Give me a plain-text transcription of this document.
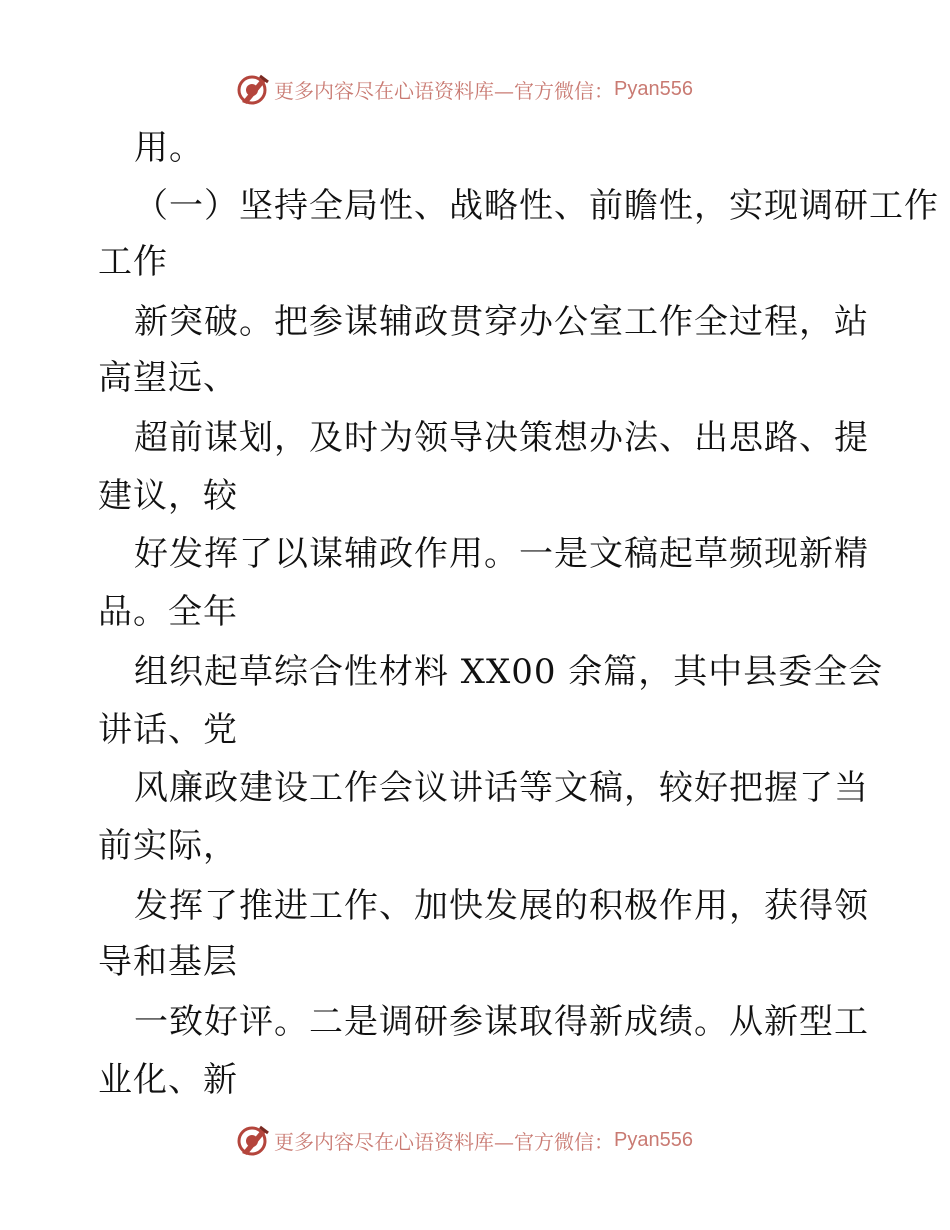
更多内容尽在心语资料库—官方微信： Pyan556
用。
（一）坚持全局性、战略性、前瞻性，实现调研工作
工作
新突破。把参谋辅政贯穿办公室工作全过程，站
高望远、
超前谋划，及时为领导决策想办法、出思路、提
建议，较
好发挥了以谋辅政作用。一是文稿起草频现新精
品。全年
组织起草综合性材料 XX00 余篇，其中县委全会
讲话、党
风廉政建设工作会议讲话等文稿，较好把握了当
前实际，
发挥了推进工作、加快发展的积极作用，获得领
导和基层
一致好评。二是调研参谋取得新成绩。从新型工
业化、新
更多内容尽在心语资料库—官方微信： Pyan556
